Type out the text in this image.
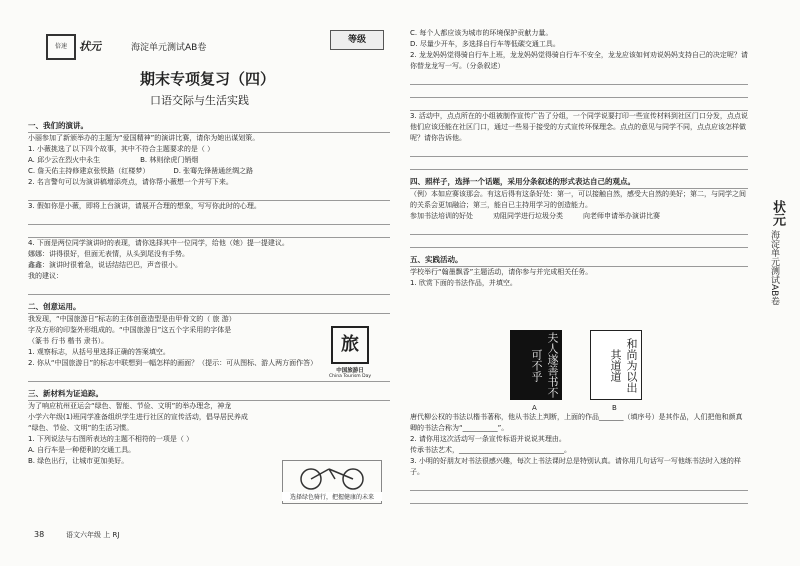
倍速	状元	海淀单元测试AB卷
等级
期末专项复习（四）
口语交际与生活实践
一、我们的演讲。
小丽参加了新颁举办的主题为“爱国精神”的演讲比赛，请你为她出谋划策。
1. 小薇挑选了以下四个故事，其中不符合主题要求的是（ ）
A. 邱少云在烈火中永生	B. 林则徐虎门销烟
C. 詹天佑主持修建京张铁路（红楼梦）	D. 张骞先锋凿通丝绸之路
2. 名言警句可以为演讲稿增添亮点，请你帮小薇想一个并写下来。
3. 假如你是小薇，即将上台演讲，请展开合理的想象，写写你此时的心理。
4. 下面是两位同学演讲时的表现，请你选择其中一位同学，给他（她）提一提建议。
娜娜：讲得很好，但面无表情，从头到尾没有手势。
鑫鑫：演讲时很着急，说话结结巴巴，声音很小。
我的建议：
二、创意运用。
我发现，“中国旅游日”标志的主体创意造型是由甲骨文的（ 旅 游）
字及方形的印鉴外形组成的。“中国旅游日”这五个字采用的字体是
（篆书 行书 楷书 隶书）。
1. 观察标志，从括号里选择正确的答案填空。
2. 你从“中国旅游日”的标志中联想到一幅怎样的画面？（提示：可从图标、游人两方面作答）
三、新材料为证追踪。
为了响应杭州亚运会“绿色、智能、节俭、文明”的举办理念，神龙
小学六年级(1)班同学准备组织学生进行社区的宣传活动，倡导居民养成
“绿色、节俭、文明”的生活习惯。
1. 下列说法与右图所表达的主题不相符的一项是（ ）
A. 自行车是一种便利的交通工具。
B. 绿色出行，让城市更加美好。
旅
中国旅游日
China Tourism Day
选择绿色骑行，把握健康的未来
38	语文六年级 上 RJ
C. 每个人都应该为城市的环境保护贡献力量。
D. 尽量少开车，多选择自行车等低碳交通工具。
2. 龙龙妈妈觉得骑自行车上班，龙龙妈妈觉得骑自行车不安全，龙龙应该如何劝说妈妈支持自己的决定呢？请你替龙龙写一写。（分条叙述）
3. 活动中，点点所在的小组被制作宣传广告了分组，一个同学说要打印一些宣传材料到社区门口分发，点点说他们应该还能在社区门口，通过一些易于接受的方式宣传环保理念。点点的意见与同学不同，点点应该怎样做呢？请你告诉他。
四、照样子，选择一个话题，采用分条叙述的形式表达自己的观点。
（例）本如应赛该那会。有这后得有这条好处：第一，可以接触自然，感受大自然的美好；第二，与同学之间的关系会更加融洽；第三，能自已主持用学习的创造能力。
参加书法培训的好处	劝阻同学进行垃圾分类	向老师申请举办演讲比赛
五、实践活动。
学校举行“翰墨飘香”主题活动，请你参与并完成相关任务。
1. 欣赏下面的书法作品，并填空。
夫人遂善书不可不乎	和尚为以出其道道
A	B
唐代柳公权的书法以楷书著称，他从书法上判断，上面的作品_______（填序号）是其作品，人们把他和颜真卿的书法合称为“__________”。
2. 请你用这次活动写一条宣传标语并说说其理由。
传承书法艺术，______________________________。
3. 小明的好朋友对书法很感兴趣，每次上书法课时总是特别认真。请你用几句话写一写他练书法时入迷的样子。
状元
海淀单元测试AB卷
